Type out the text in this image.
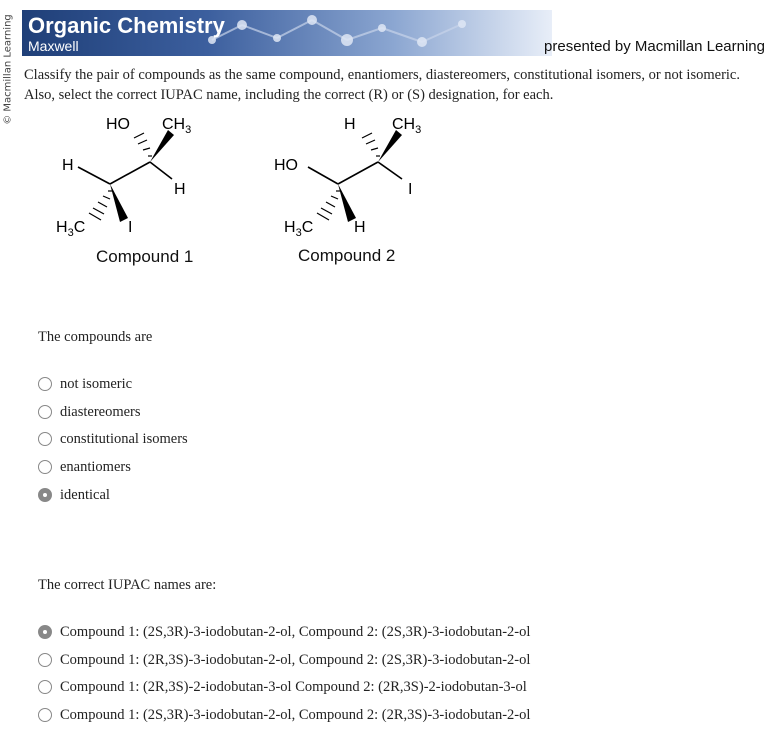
© Macmillan Learning Organic Chemistry
Maxwell	presented by Macmillan Learning
Classify the pair of compounds as the same compound, enantiomers, diastereomers, constitutional isomers, or not isomeric. Also, select the correct IUPAC name, including the correct (R) or (S) designation, for each.
H
$H_3C$	I
HO $CH_3$
H
Compound 1
HO
$H_3C$	H
H $CH_3$
I
Compound 2
The compounds are
not isomeric
diastereomers
constitutional isomers
enantiomers
identical
The correct IUPAC names are:
Compound 1: (2S,3R)-3-iodobutan-2-ol, Compound 2: (2S,3R)-3-iodobutan-2-ol
Compound 1: (2R,3S)-3-iodobutan-2-ol, Compound 2: (2S,3R)-3-iodobutan-2-ol
Compound 1: (2R,3S)-2-iodobutan-3-ol Compound 2: (2R,3S)-2-iodobutan-3-ol
Compound 1: (2S,3R)-3-iodobutan-2-ol, Compound 2: (2R,3S)-3-iodobutan-2-ol
